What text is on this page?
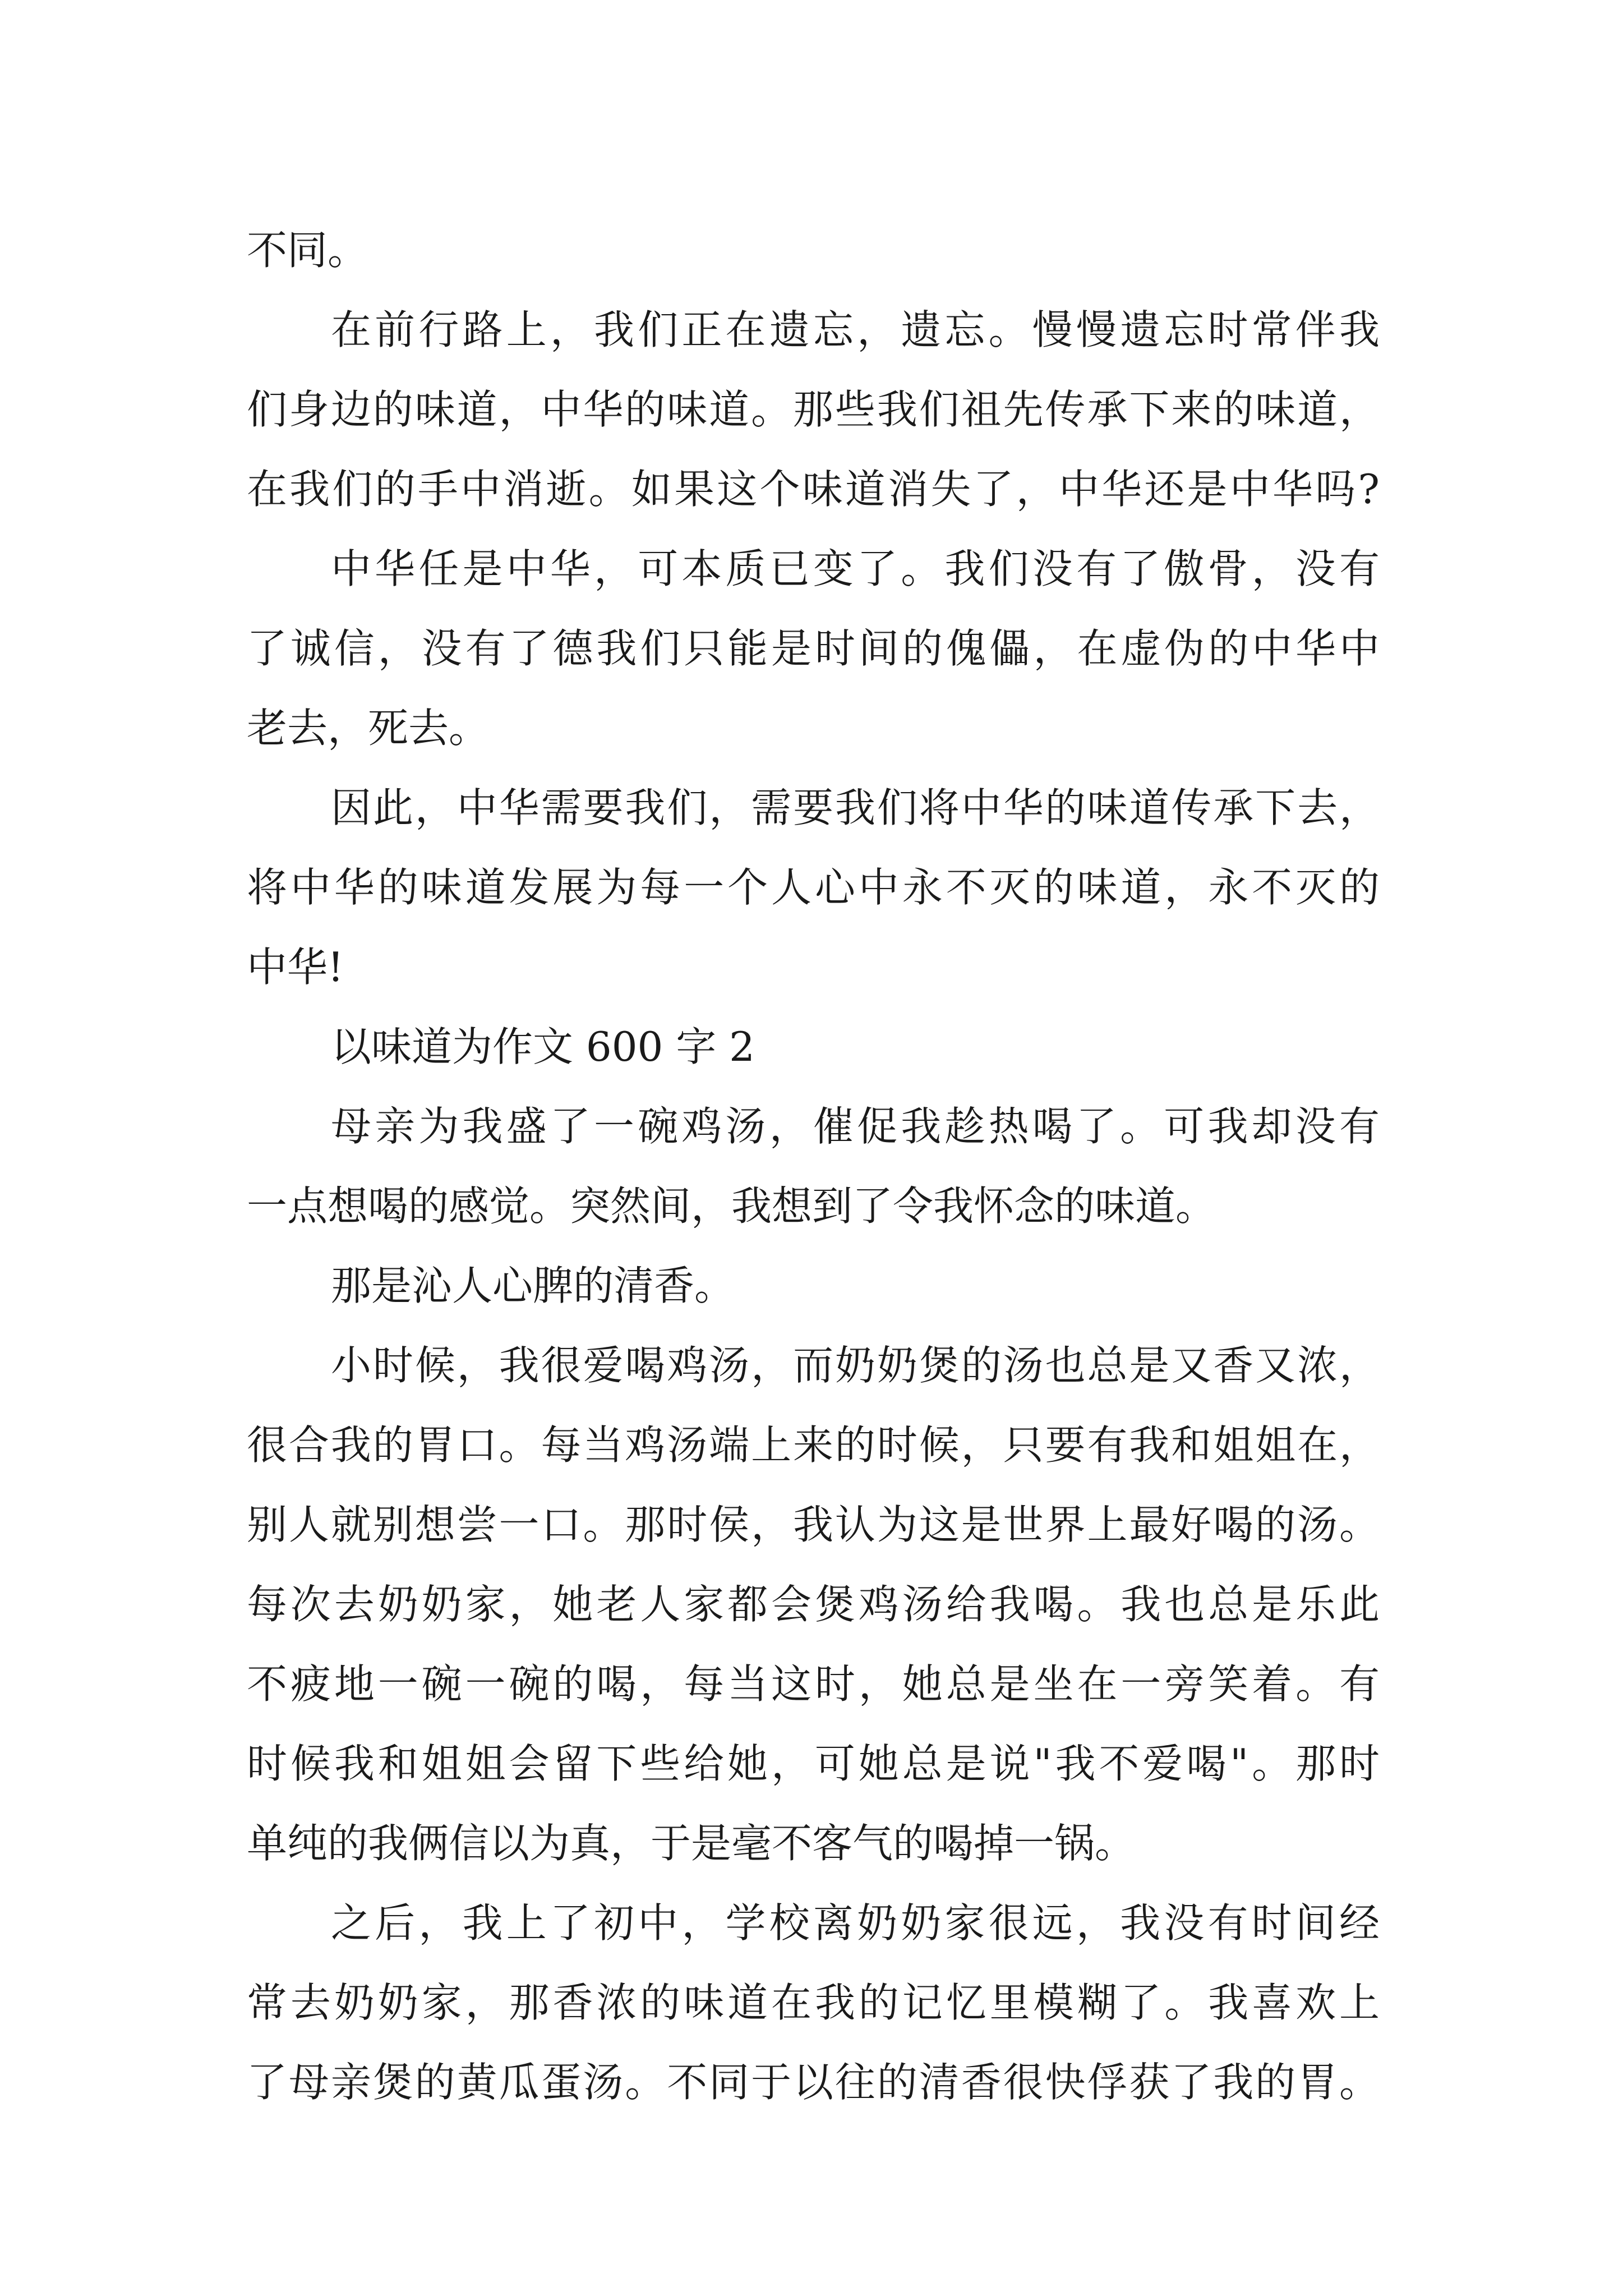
不同。
在前行路上，我们正在遗忘，遗忘。慢慢遗忘时常伴我
们身边的味道，中华的味道。那些我们祖先传承下来的味道，
在我们的手中消逝。如果这个味道消失了，中华还是中华吗?
中华任是中华，可本质已变了。我们没有了傲骨，没有
了诚信，没有了德我们只能是时间的傀儡，在虚伪的中华中
老去，死去。
因此，中华需要我们，需要我们将中华的味道传承下去，
将中华的味道发展为每一个人心中永不灭的味道，永不灭的
中华!
以味道为作文 600 字 2
母亲为我盛了一碗鸡汤，催促我趁热喝了。可我却没有
一点想喝的感觉。突然间，我想到了令我怀念的味道。
那是沁人心脾的清香。
小时候，我很爱喝鸡汤，而奶奶煲的汤也总是又香又浓，
很合我的胃口。每当鸡汤端上来的时候，只要有我和姐姐在，
别人就别想尝一口。那时侯，我认为这是世界上最好喝的汤。
每次去奶奶家，她老人家都会煲鸡汤给我喝。我也总是乐此
不疲地一碗一碗的喝，每当这时，她总是坐在一旁笑着。有
时候我和姐姐会留下些给她，可她总是说"我不爱喝"。那时
单纯的我俩信以为真，于是毫不客气的喝掉一锅。
之后，我上了初中，学校离奶奶家很远，我没有时间经
常去奶奶家，那香浓的味道在我的记忆里模糊了。我喜欢上
了母亲煲的黄瓜蛋汤。不同于以往的清香很快俘获了我的胃。
